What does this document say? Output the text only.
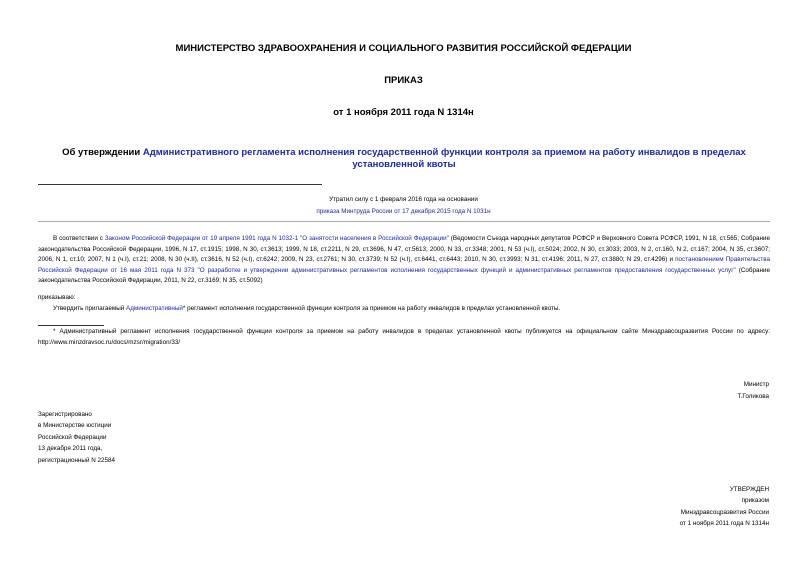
МИНИСТЕРСТВО ЗДРАВООХРАНЕНИЯ И СОЦИАЛЬНОГО РАЗВИТИЯ РОССИЙСКОЙ ФЕДЕРАЦИИ
ПРИКАЗ
от 1 ноября 2011 года N 1314н
Об утверждении Административного регламента исполнения государственной функции контроля за приемом на работу инвалидов в пределах установленной квоты
Утратил силу с 1 февраля 2016 года на основании
приказа Минтруда России от 17 декабря 2015 года N 1031н
В соответствии с Законом Российской Федерации от 19 апреля 1991 года N 1032-1 "О занятости населения в Российской Федерации" (Ведомости Съезда народных депутатов РСФСР и Верховного Совета РСФСР, 1991, N 18, ст.565; Собрание законодательства Российской Федерации, 1996, N 17, ст.1915; 1998, N 30, ст.3613; 1999, N 18, ст.2211, N 29, ст.3696, N 47, ст.5613; 2000, N 33, ст.3348; 2001, N 53 (ч.I), ст.5024; 2002, N 30, ст.3033; 2003, N 2, ст.160, N 2, ст.167; 2004, N 35, ст.3607; 2006, N 1, ст.10; 2007, N 1 (ч.I), ст.21; 2008, N 30 (ч.II), ст.3616, N 52 (ч.I), ст.6242; 2009, N 23, ст.2761; N 30, ст.3739; N 52 (ч.I), ст.6441, ст.6443; 2010, N 30, ст.3993; N 31, ст.4196; 2011, N 27, ст.3880; N 29, ст.4296) и постановлением Правительства Российской Федерации от 16 мая 2011 года N 373 "О разработке и утверждении административных регламентов исполнения государственных функций и административных регламентов предоставления государственных услуг" (Собрание законодательства Российской Федерации, 2011, N 22, ст.3169; N 35, ст.5092)
приказываю:
Утвердить прилагаемый Административный* регламент исполнения государственной функции контроля за приемом на работу инвалидов в пределах установленной квоты.
* Административный регламент исполнения государственной функции контроля за приемом на работу инвалидов в пределах установленной квоты публикуется на официальном сайте Минздравсоцразвития России по адресу: http://www.minzdravsoc.ru/docs/mzsr/migration/33/
Министр
Т.Голикова
Зарегистрировано
в Министерстве юстиции
Российской Федерации
13 декабря 2011 года,
регистрационный N 22584
УТВЕРЖДЕН
приказом
Минздравсоцразвития России
от 1 ноября 2011 года N 1314н
